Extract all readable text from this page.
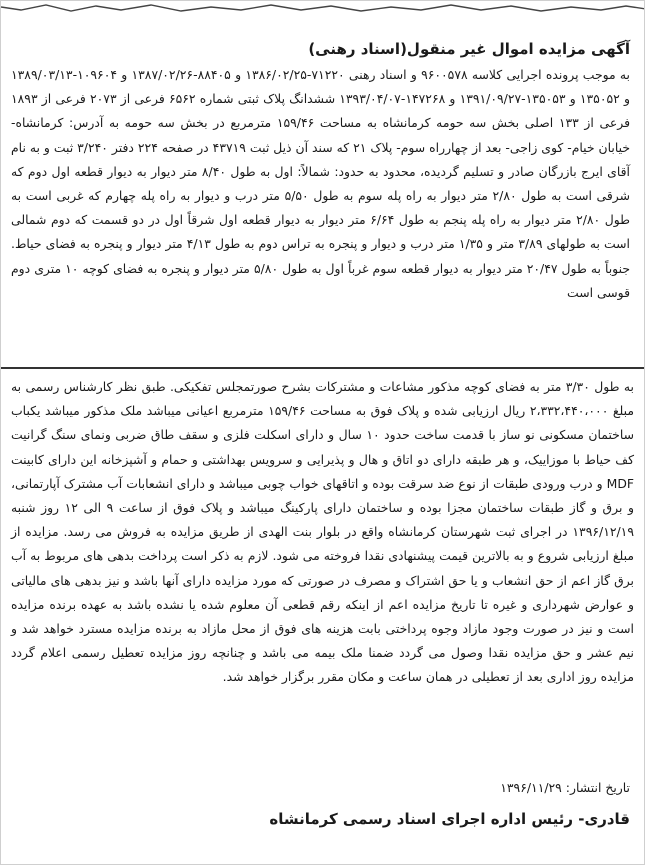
آگهی مزایده اموال غیر منقول(اسناد رهنی)
به موجب پرونده اجرایی کلاسه ۹۶۰۰۵۷۸ و اسناد رهنی ۷۱۲۲۰-۱۳۸۶/۰۲/۲۵ و ۸۸۴۰۵-۱۳۸۷/۰۲/۲۶ و ۱۰۹۶۰۴-۱۳۸۹/۰۳/۱۳ و ۱۳۵۰۵۲ و ۱۳۵۰۵۳-۱۳۹۱/۰۹/۲۷ و ۱۴۷۲۶۸-۱۳۹۳/۰۴/۰۷ ششدانگ پلاک ثبتی شماره ۶۵۶۲ فرعی از ۲۰۷۳ فرعی از ۱۸۹۳ فرعی از ۱۳۳ اصلی بخش سه حومه کرمانشاه به مساحت ۱۵۹/۴۶ مترمربع در بخش سه حومه به آدرس: کرمانشاه- خیابان خیام- کوی زاجی- بعد از چهارراه سوم- پلاک ۲۱ که سند آن ذیل ثبت ۴۳۷۱۹ در صفحه ۲۲۴ دفتر ۳/۲۴۰ ثبت و به نام آقای ایرج بازرگان صادر و تسلیم گردیده، محدود به حدود: شمالاً: اول به طول ۸/۴۰ متر دیوار به دیوار قطعه اول دوم که شرقی است به طول ۲/۸۰ متر دیوار به راه پله سوم به طول ۵/۵۰ متر درب و دیوار به راه پله چهارم که غربی است به طول ۲/۸۰ متر دیوار به راه پله پنجم به طول ۶/۶۴ متر دیوار به دیوار قطعه اول شرقاً اول در دو قسمت که دوم شمالی است به طولهای ۳/۸۹ متر و ۱/۳۵ متر درب و دیوار و پنجره به تراس دوم به طول ۴/۱۳ متر دیوار و پنجره به فضای حیاط. جنوباً به طول ۲۰/۴۷ متر دیوار به دیوار قطعه سوم غرباً اول به طول ۵/۸۰ متر دیوار و پنجره به فضای کوچه ۱۰ متری دوم قوسی است
به طول ۳/۳۰ متر به فضای کوچه مذکور مشاعات و مشترکات بشرح صورتمجلس تفکیکی. طبق نظر کارشناس رسمی به مبلغ ۲،۳۳۲،۴۴۰،۰۰۰ ریال ارزیابی شده و پلاک فوق به مساحت ۱۵۹/۴۶ مترمربع اعیانی میباشد ملک مذکور میباشد یکباب ساختمان مسکونی نو ساز با قدمت ساخت حدود ۱۰ سال و دارای اسکلت فلزی و سقف طاق ضربی ونمای سنگ گرانیت کف حیاط با موزاییک، و هر طبقه دارای دو اتاق و هال و پذیرایی و سرویس بهداشتی و حمام و آشپزخانه این دارای کابینت MDF و درب ورودی طبقات از نوع ضد سرقت بوده و اتاقهای خواب چوبی میباشد و دارای انشعابات آب مشترک آپارتمانی، و برق و گاز طبقات ساختمان مجزا بوده و ساختمان دارای پارکینگ میباشد و پلاک فوق از ساعت ۹ الی ۱۲ روز شنبه ۱۳۹۶/۱۲/۱۹ در اجرای ثبت شهرستان کرمانشاه واقع در بلوار بنت الهدی از طریق مزایده به فروش می رسد. مزایده از مبلغ ارزیابی شروع و به بالاترین قیمت پیشنهادی نقدا فروخته می شود. لازم به ذکر است پرداخت بدهی های مربوط به آب برق گاز اعم از حق انشعاب و یا حق اشتراک و مصرف در صورتی که مورد مزایده دارای آنها باشد و نیز بدهی های مالیاتی و عوارض شهرداری و غیره تا تاریخ مزایده اعم از اینکه رقم قطعی آن معلوم شده یا نشده باشد به عهده برنده مزایده است و نیز در صورت وجود مازاد وجوه پرداختی بابت هزینه های فوق از محل مازاد به برنده مزایده مسترد خواهد شد و نیم عشر و حق مزایده نقدا وصول می گردد ضمنا ملک بیمه می باشد و چنانچه روز مزایده تعطیل رسمی اعلام گردد مزایده روز اداری بعد از تعطیلی در همان ساعت و مکان مقرر برگزار خواهد شد.
تاریخ انتشار: ۱۳۹۶/۱۱/۲۹
قادری- رئیس اداره اجرای اسناد رسمی کرمانشاه
